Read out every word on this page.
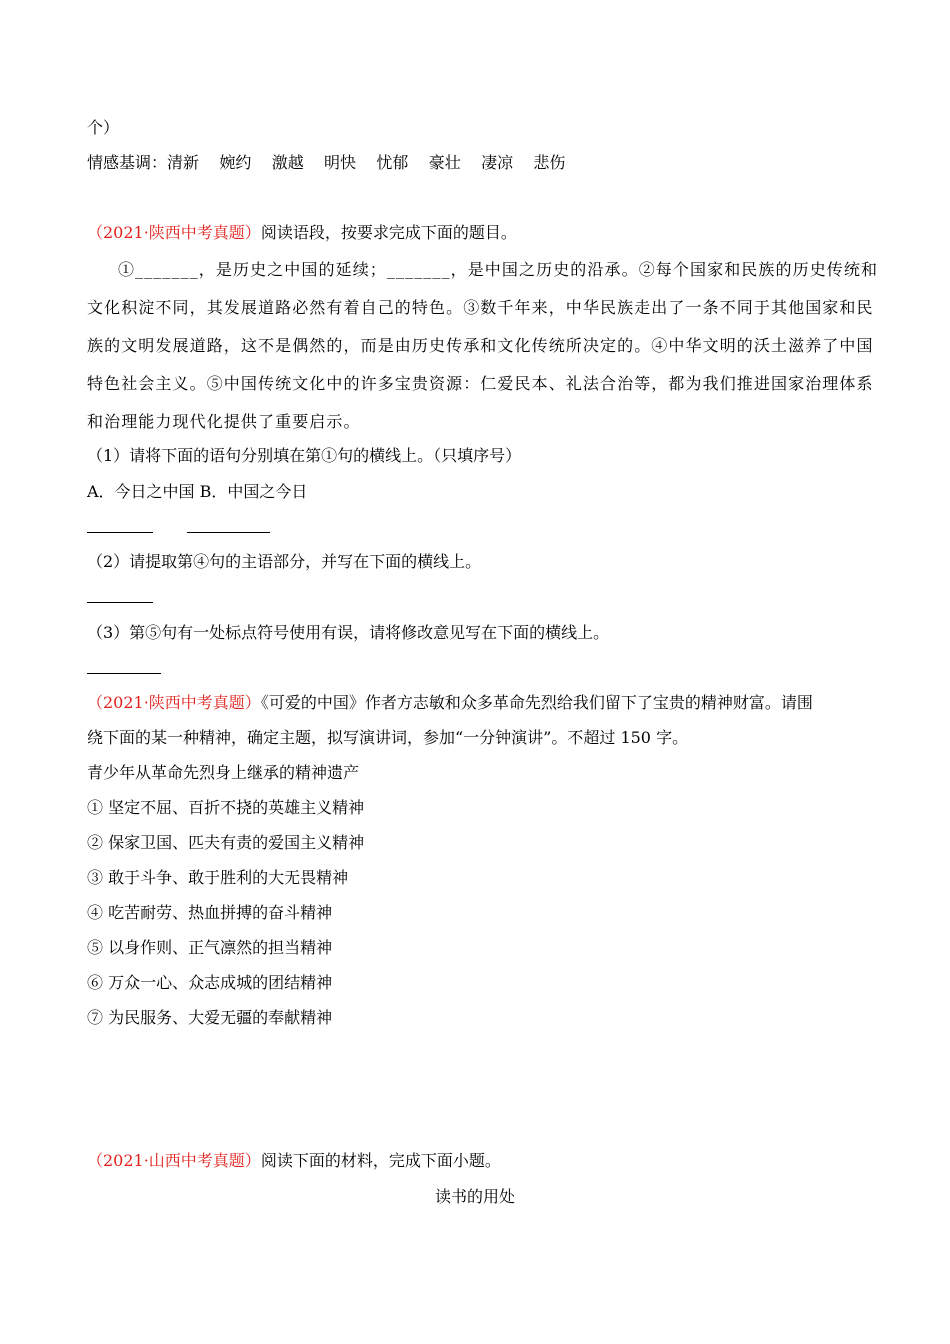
个）
情感基调：清新    婉约    激越    明快    忧郁    豪壮    凄凉    悲伤
（2021·陕西中考真题）阅读语段，按要求完成下面的题目。
①_______，是历史之中国的延续；_______，是中国之历史的沿承。②每个国家和民族的历史传统和
文化积淀不同，其发展道路必然有着自己的特色。③数千年来，中华民族走出了一条不同于其他国家和民
族的文明发展道路，这不是偶然的，而是由历史传承和文化传统所决定的。④中华文明的沃土滋养了中国
特色社会主义。⑤中国传统文化中的许多宝贵资源：仁爱民本、礼法合治等，都为我们推进国家治理体系
和治理能力现代化提供了重要启示。
（1）请将下面的语句分别填在第①句的横线上。（只填序号）
A．今日之中国 B．中国之今日
（2）请提取第④句的主语部分，并写在下面的横线上。
（3）第⑤句有一处标点符号使用有误，请将修改意见写在下面的横线上。
（2021·陕西中考真题）《可爱的中国》作者方志敏和众多革命先烈给我们留下了宝贵的精神财富。请围
绕下面的某一种精神，确定主题，拟写演讲词，参加“一分钟演讲”。不超过 150 字。
青少年从革命先烈身上继承的精神遗产
① 坚定不屈、百折不挠的英雄主义精神
② 保家卫国、匹夫有责的爱国主义精神
③ 敢于斗争、敢于胜利的大无畏精神
④ 吃苦耐劳、热血拼搏的奋斗精神
⑤ 以身作则、正气凛然的担当精神
⑥ 万众一心、众志成城的团结精神
⑦ 为民服务、大爱无疆的奉献精神
（2021·山西中考真题）阅读下面的材料，完成下面小题。
读书的用处
